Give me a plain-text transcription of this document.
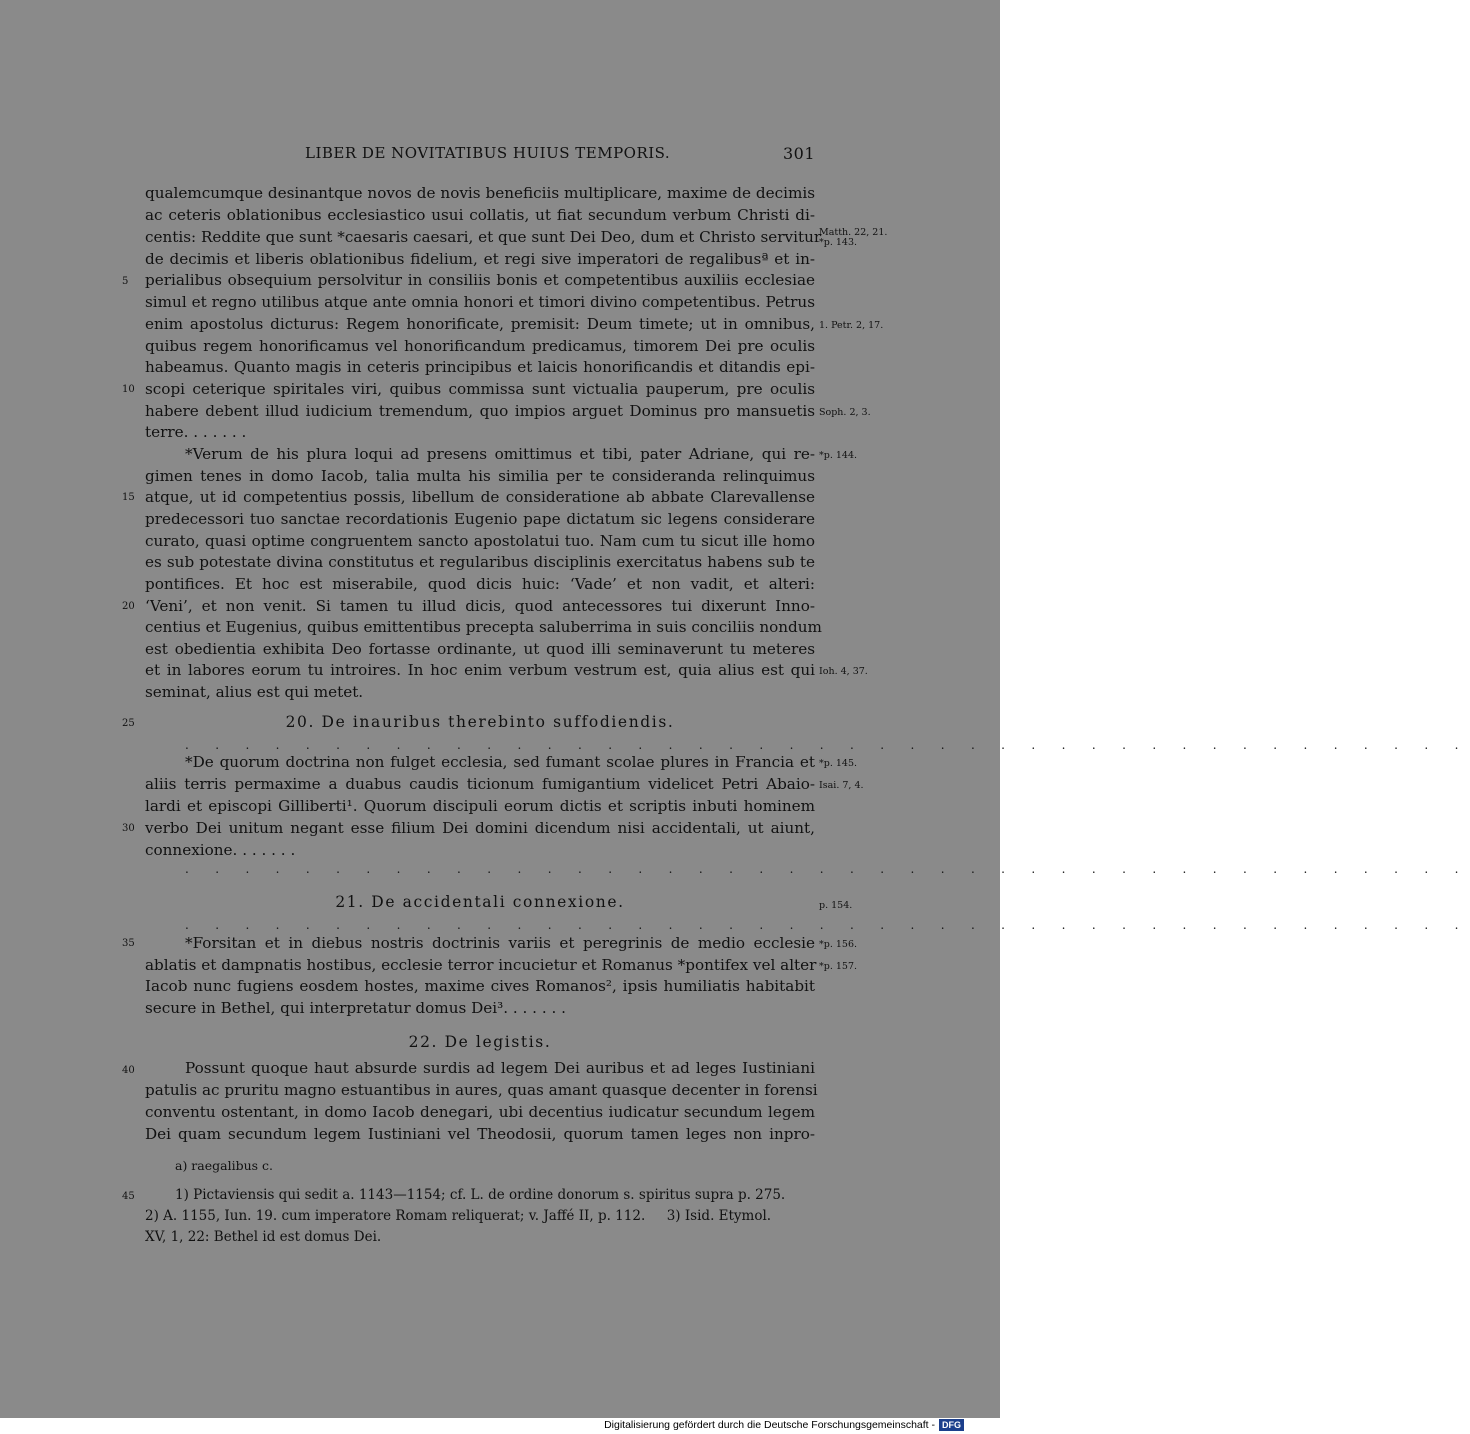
LIBER DE NOVITATIBUS HUIUS TEMPORIS.	301
qualemcumque desinantque novos de novis beneficiis multiplicare, maxime de decimis
ac ceteris oblationibus ecclesiastico usui collatis, ut fiat secundum verbum Christi di-
centis: Reddite que sunt *caesaris caesari, et que sunt Dei Deo, dum et Christo servitur
de decimis et liberis oblationibus fidelium, et regi sive imperatori de regalibusª et in-
perialibus obsequium persolvitur in consiliis bonis et competentibus auxiliis ecclesiae
simul et regno utilibus atque ante omnia honori et timori divino competentibus. Petrus
enim apostolus dicturus: Regem honorificate, premisit: Deum timete; ut in omnibus,
quibus regem honorificamus vel honorificandum predicamus, timorem Dei pre oculis
habeamus. Quanto magis in ceteris principibus et laicis honorificandis et ditandis epi-
scopi ceterique spiritales viri, quibus commissa sunt victualia pauperum, pre oculis
habere debent illud iudicium tremendum, quo impios arguet Dominus pro mansuetis
terre. . . . . . .
*Verum de his plura loqui ad presens omittimus et tibi, pater Adriane, qui re-
gimen tenes in domo Iacob, talia multa his similia per te consideranda relinquimus
atque, ut id competentius possis, libellum de consideratione ab abbate Clarevallense
predecessori tuo sanctae recordationis Eugenio pape dictatum sic legens considerare
curato, quasi optime congruentem sancto apostolatui tuo. Nam cum tu sicut ille homo
es sub potestate divina constitutus et regularibus disciplinis exercitatus habens sub te
pontifices. Et hoc est miserabile, quod dicis huic: ‘Vade’ et non vadit, et alteri:
‘Veni’, et non venit. Si tamen tu illud dicis, quod antecessores tui dixerunt Inno-
centius et Eugenius, quibus emittentibus precepta saluberrima in suis conciliis nondum
est obedientia exhibita Deo fortasse ordinante, ut quod illi seminaverunt tu meteres
et in labores eorum tu introires. In hoc enim verbum vestrum est, quia alius est qui
seminat, alius est qui metet.
20. De inauribus therebinto suffodiendis.
. . . . . . . . . . . . . . . . . . . . . . . . . . . . . . . . . . . . . . . . . . .
*De quorum doctrina non fulget ecclesia, sed fumant scolae plures in Francia et
aliis terris permaxime a duabus caudis ticionum fumigantium videlicet Petri Abaio-
lardi et episcopi Gilliberti¹. Quorum discipuli eorum dictis et scriptis inbuti hominem
verbo Dei unitum negant esse filium Dei domini dicendum nisi accidentali, ut aiunt,
connexione. . . . . . .
. . . . . . . . . . . . . . . . . . . . . . . . . . . . . . . . . . . . . . . . . . .
21. De accidentali connexione.
. . . . . . . . . . . . . . . . . . . . . . . . . . . . . . . . . . . . . . . . . . .
*Forsitan et in diebus nostris doctrinis variis et peregrinis de medio ecclesie
ablatis et dampnatis hostibus, ecclesie terror incucietur et Romanus *pontifex vel alter
Iacob nunc fugiens eosdem hostes, maxime cives Romanos², ipsis humiliatis habitabit
secure in Bethel, qui interpretatur domus Dei³. . . . . . .
22. De legistis.
Possunt quoque haut absurde surdis ad legem Dei auribus et ad leges Iustiniani
patulis ac pruritu magno estuantibus in aures, quas amant quasque decenter in forensi
conventu ostentant, in domo Iacob denegari, ubi decentius iudicatur secundum legem
Dei quam secundum legem Iustiniani vel Theodosii, quorum tamen leges non inpro-
5
10
15
20
25
30
35
40
45
Matth. 22, 21.
*p. 143.
1. Petr. 2, 17.
Soph. 2, 3.
*p. 144.
Ioh. 4, 37.
*p. 145.
Isai. 7, 4.
p. 154.
*p. 156.
*p. 157.
a) raegalibus c.
1) Pictaviensis qui sedit a. 1143—1154; cf. L. de ordine donorum s. spiritus supra p. 275.
2) A. 1155, Iun. 19. cum imperatore Romam reliquerat; v. Jaffé II, p. 112.     3) Isid. Etymol.
XV, 1, 22: Bethel id est domus Dei.
Digitalisierung gefördert durch die Deutsche Forschungsgemeinschaft - DFG
